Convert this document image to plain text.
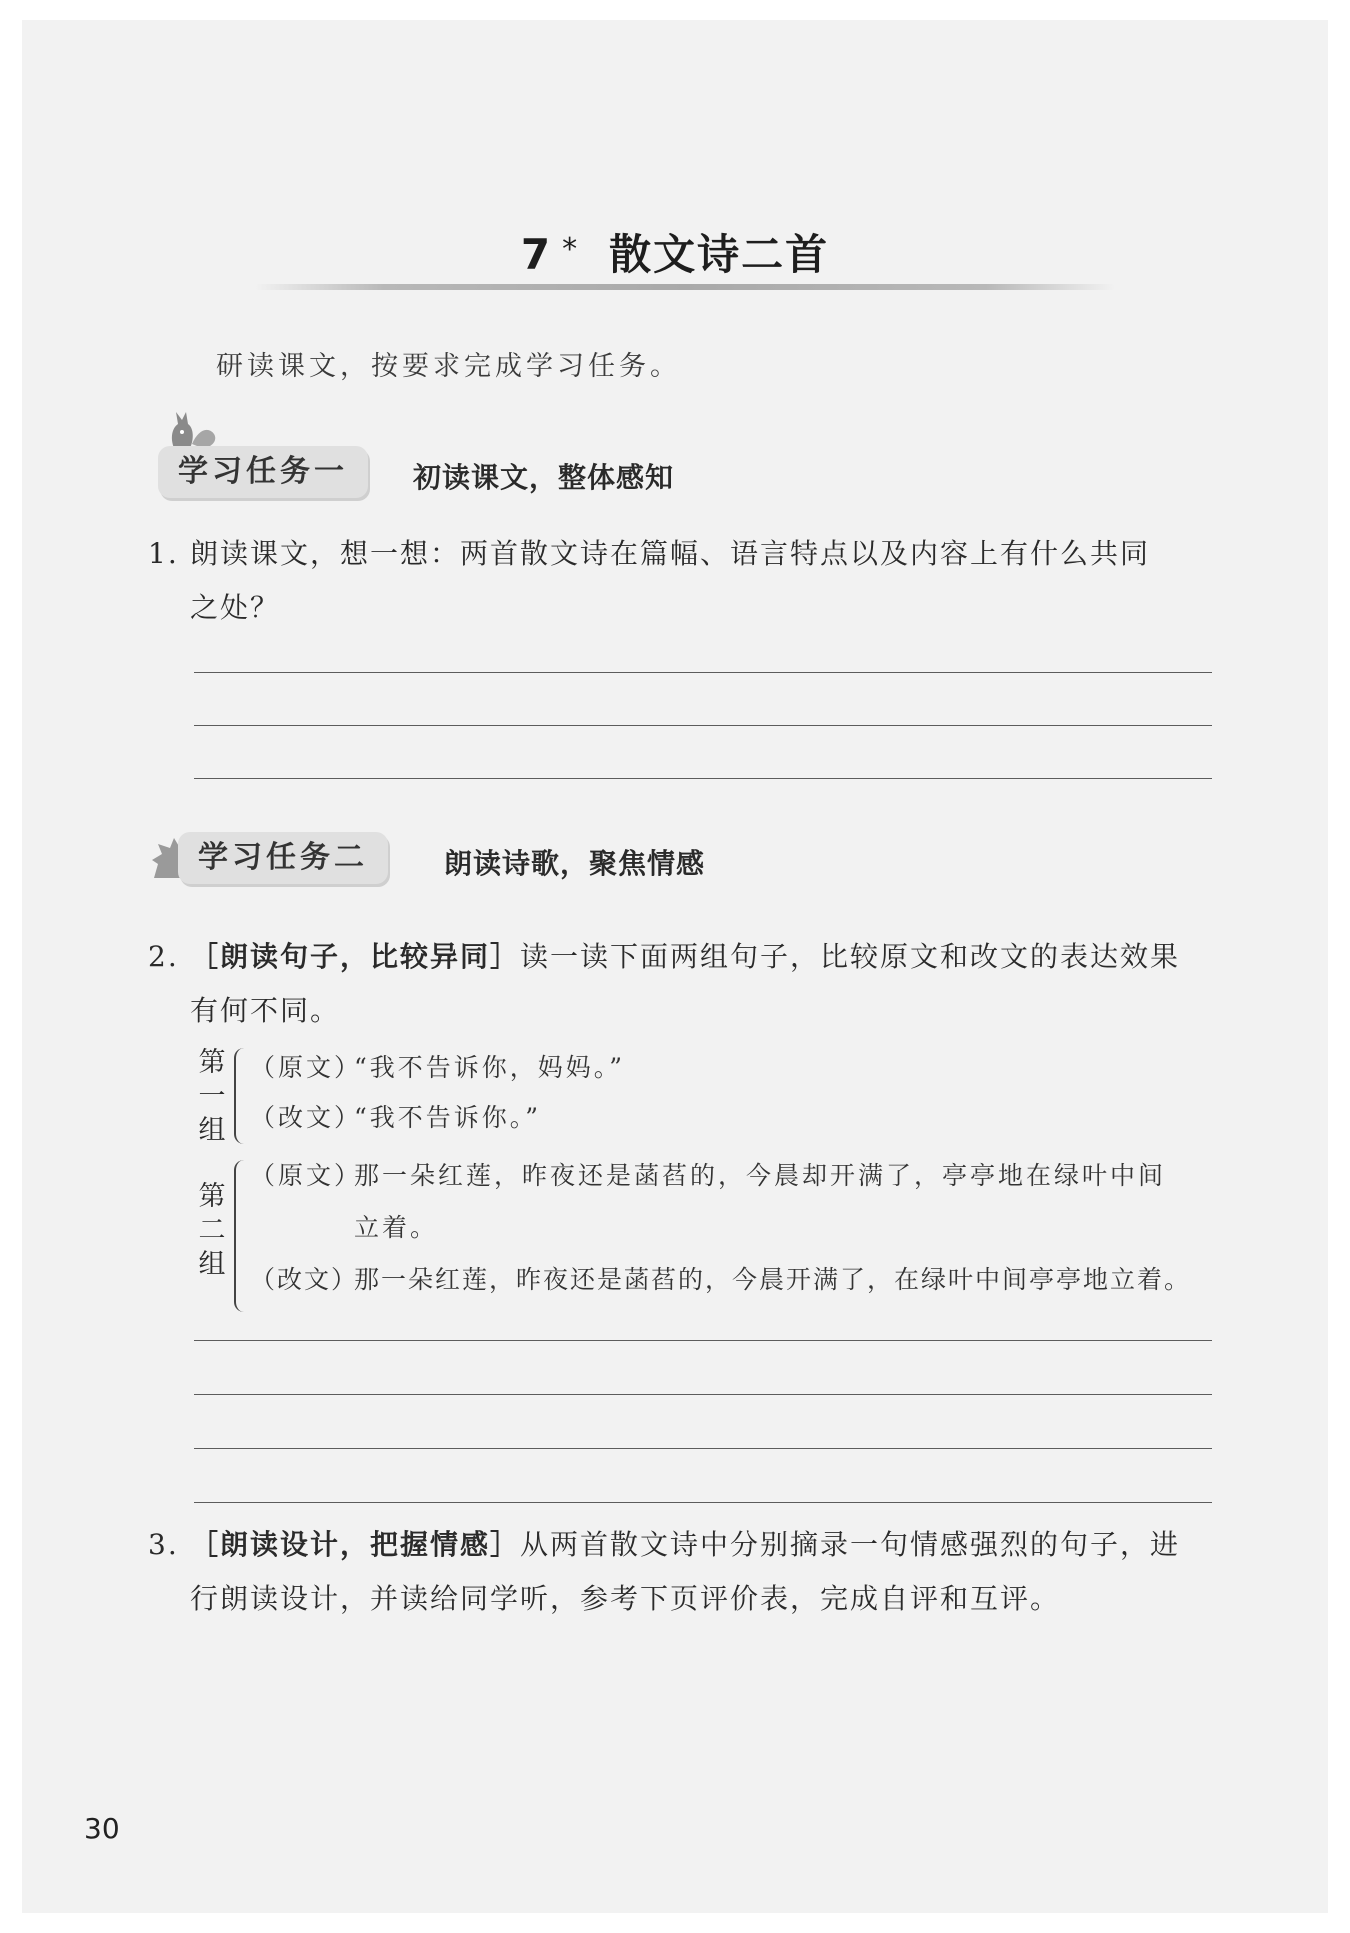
7 * 散文诗二首
研读课文，按要求完成学习任务。
学习任务一	初读课文，整体感知
1. 朗读课文，想一想：两首散文诗在篇幅、语言特点以及内容上有什么共同
之处？
学习任务二	朗读诗歌，聚焦情感
2. ［朗读句子，比较异同］读一读下面两组句子，比较原文和改文的表达效果
有何不同。
第一组
（原文）“我不告诉你，妈妈。”
（改文）“我不告诉你。”
第二组
（原文）那一朵红莲，昨夜还是菡萏的，今晨却开满了，亭亭地在绿叶中间
立着。
（改文）那一朵红莲，昨夜还是菡萏的，今晨开满了，在绿叶中间亭亭地立着。
3. ［朗读设计，把握情感］从两首散文诗中分别摘录一句情感强烈的句子，进
行朗读设计，并读给同学听，参考下页评价表，完成自评和互评。
30
